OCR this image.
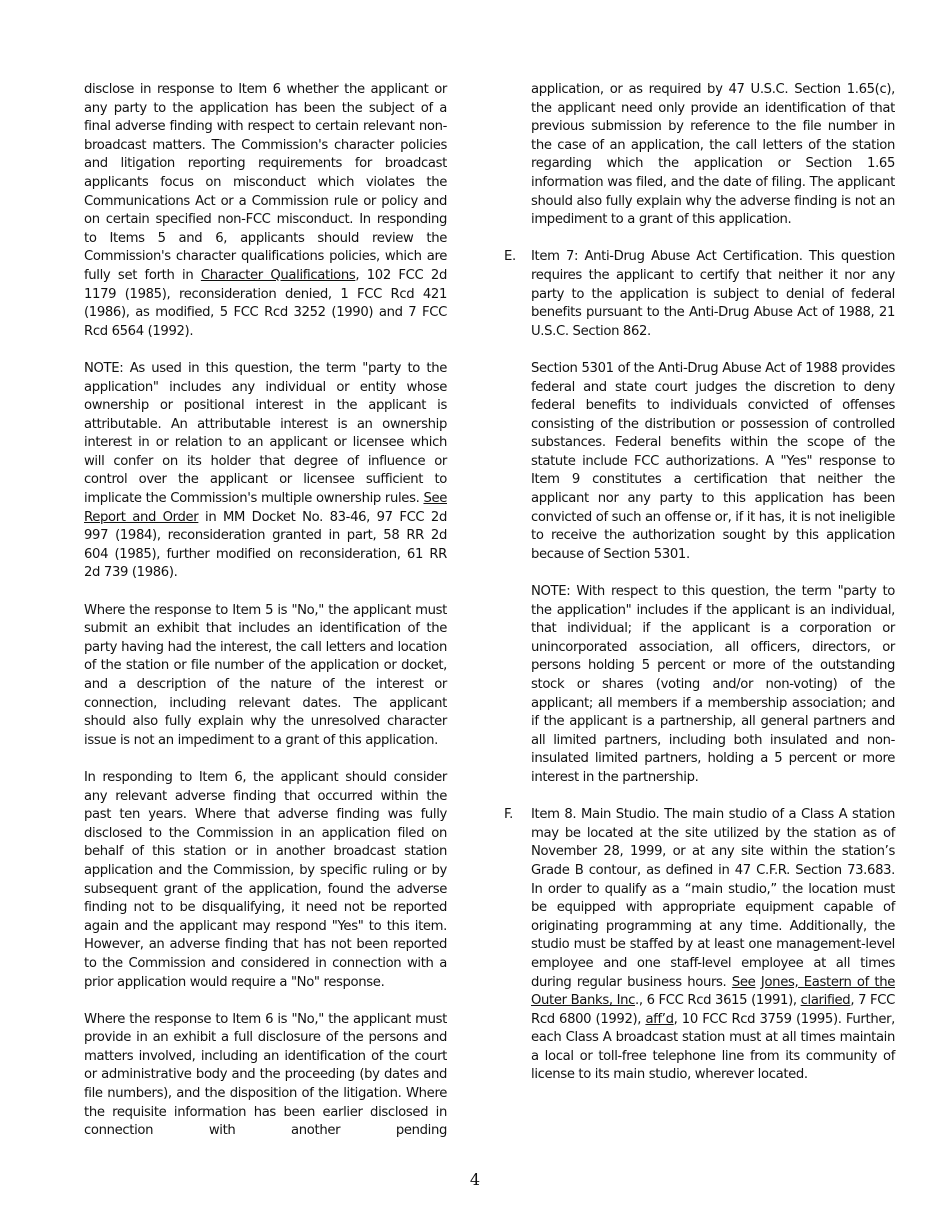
disclose in response to Item 6 whether the applicant or any party to the application has been the subject of a final adverse finding with respect to certain relevant non-broadcast matters. The Commission's character policies and litigation reporting requirements for broadcast applicants focus on misconduct which violates the Communications Act or a Commission rule or policy and on certain specified non-FCC misconduct. In responding to Items 5 and 6, applicants should review the Commission's character qualifications policies, which are fully set forth in Character Qualifications, 102 FCC 2d 1179 (1985), reconsideration denied, 1 FCC Rcd 421 (1986), as modified, 5 FCC Rcd 3252 (1990) and 7 FCC Rcd 6564 (1992).

NOTE: As used in this question, the term "party to the application" includes any individual or entity whose ownership or positional interest in the applicant is attributable. An attributable interest is an ownership interest in or relation to an applicant or licensee which will confer on its holder that degree of influence or control over the applicant or licensee sufficient to implicate the Commission's multiple ownership rules. See Report and Order in MM Docket No. 83-46, 97 FCC 2d 997 (1984), reconsideration granted in part, 58 RR 2d 604 (1985), further modified on reconsideration, 61 RR 2d 739 (1986).

Where the response to Item 5 is "No," the applicant must submit an exhibit that includes an identification of the party having had the interest, the call letters and location of the station or file number of the application or docket, and a description of the nature of the interest or connection, including relevant dates. The applicant should also fully explain why the unresolved character issue is not an impediment to a grant of this application.

In responding to Item 6, the applicant should consider any relevant adverse finding that occurred within the past ten years. Where that adverse finding was fully disclosed to the Commission in an application filed on behalf of this station or in another broadcast station application and the Commission, by specific ruling or by subsequent grant of the application, found the adverse finding not to be disqualifying, it need not be reported again and the applicant may respond "Yes" to this item. However, an adverse finding that has not been reported to the Commission and considered in connection with a prior application would require a "No" response.

Where the response to Item 6 is "No," the applicant must provide in an exhibit a full disclosure of the persons and matters involved, including an identification of the court or administrative body and the proceeding (by dates and file numbers), and the disposition of the litigation. Where the requisite information has been earlier disclosed in connection with another pending

application, or as required by 47 U.S.C. Section 1.65(c), the applicant need only provide an identification of that previous submission by reference to the file number in the case of an application, the call letters of the station regarding which the application or Section 1.65 information was filed, and the date of filing. The applicant should also fully explain why the adverse finding is not an impediment to a grant of this application.

E. Item 7: Anti-Drug Abuse Act Certification. This question requires the applicant to certify that neither it nor any party to the application is subject to denial of federal benefits pursuant to the Anti-Drug Abuse Act of 1988, 21 U.S.C. Section 862.

Section 5301 of the Anti-Drug Abuse Act of 1988 provides federal and state court judges the discretion to deny federal benefits to individuals convicted of offenses consisting of the distribution or possession of controlled substances. Federal benefits within the scope of the statute include FCC authorizations. A "Yes" response to Item 9 constitutes a certification that neither the applicant nor any party to this application has been convicted of such an offense or, if it has, it is not ineligible to receive the authorization sought by this application because of Section 5301.

NOTE: With respect to this question, the term "party to the application" includes if the applicant is an individual, that individual; if the applicant is a corporation or unincorporated association, all officers, directors, or persons holding 5 percent or more of the outstanding stock or shares (voting and/or non-voting) of the applicant; all members if a membership association; and if the applicant is a partnership, all general partners and all limited partners, including both insulated and non-insulated limited partners, holding a 5 percent or more interest in the partnership.

F. Item 8. Main Studio. The main studio of a Class A station may be located at the site utilized by the station as of November 28, 1999, or at any site within the station’s Grade B contour, as defined in 47 C.F.R. Section 73.683. In order to qualify as a “main studio,” the location must be equipped with appropriate equipment capable of originating programming at any time. Additionally, the studio must be staffed by at least one management-level employee and one staff-level employee at all times during regular business hours. See Jones, Eastern of the Outer Banks, Inc., 6 FCC Rcd 3615 (1991), clarified, 7 FCC Rcd 6800 (1992), aff’d, 10 FCC Rcd 3759 (1995). Further, each Class A broadcast station must at all times maintain a local or toll-free telephone line from its community of license to its main studio, wherever located.

4
